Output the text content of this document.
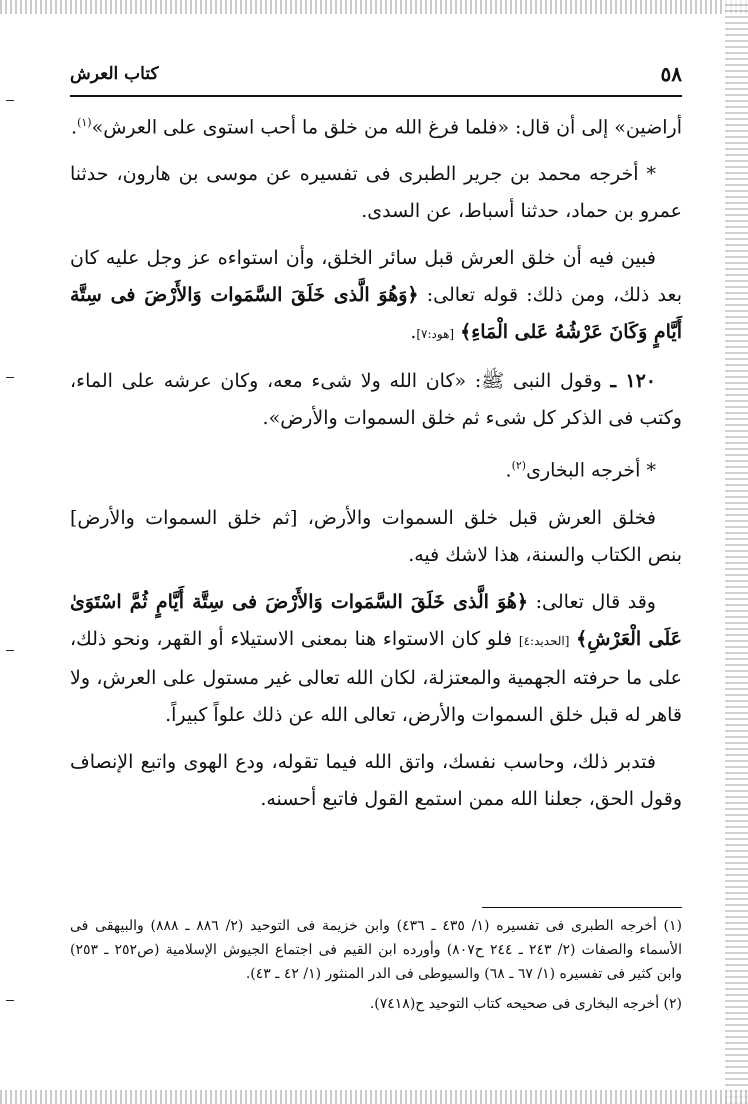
٥٨
كتاب العرش

أراضين» إلى أن قال: «فلما فرغ الله من خلق ما أحب استوى على العرش»$^{(١)}$.

* أخرجه محمد بن جرير الطبرى فى تفسيره عن موسى بن هارون، حدثنا عمرو بن حماد، حدثنا أسباط، عن السدى.

فبين فيه أن خلق العرش قبل سائر الخلق، وأن استواءه عز وجل عليه كان بعد ذلك، ومن ذلك: قوله تعالى: ﴿وَهُوَ الَّذى خَلَقَ السَّمَوات وَالأَرْضَ فى سِتَّة أَيَّامٍ وَكَانَ عَرْشُهُ عَلى الْمَاءِ﴾ [هود:٧].

١٢٠ ـ وقول النبى ﷺ: «كان الله ولا شىء معه، وكان عرشه على الماء، وكتب فى الذكر كل شىء ثم خلق السموات والأرض».

* أخرجه البخارى$^{(٢)}$.

فخلق العرش قبل خلق السموات والأرض، [ثم خلق السموات والأرض] بنص الكتاب والسنة، هذا لاشك فيه.

وقد قال تعالى: ﴿هُوَ الَّذى خَلَقَ السَّمَوات وَالأَرْضَ فى سِتَّة أَيَّامٍ ثُمَّ اسْتَوَىٰ عَلَى الْعَرْشِ﴾ [الحديد:٤] فلو كان الاستواء هنا بمعنى الاستيلاء أو القهر، ونحو ذلك، على ما حرفته الجهمية والمعتزلة، لكان الله تعالى غير مستول على العرش، ولا قاهر له قبل خلق السموات والأرض، تعالى الله عن ذلك علواً كبيراً.

فتدبر ذلك، وحاسب نفسك، واتق الله فيما تقوله، ودع الهوى واتبع الإنصاف وقول الحق، جعلنا الله ممن استمع القول فاتبع أحسنه.

(١) أخرجه الطبرى فى تفسيره (١/ ٤٣٥ ـ ٤٣٦) وابن خزيمة فى التوحيد (٢/ ٨٨٦ ـ ٨٨٨) والبيهقى فى الأسماء والصفات (٢/ ٢٤٣ ـ ٢٤٤ ح٨٠٧) وأورده ابن القيم فى اجتماع الجيوش الإسلامية (ص٢٥٢ ـ ٢٥٣) وابن كثير فى تفسيره (١/ ٦٧ ـ ٦٨) والسيوطى فى الدر المنثور (١/ ٤٢ ـ ٤٣).

(٢) أخرجه البخارى فى صحيحه كتاب التوحيد ح(٧٤١٨).
